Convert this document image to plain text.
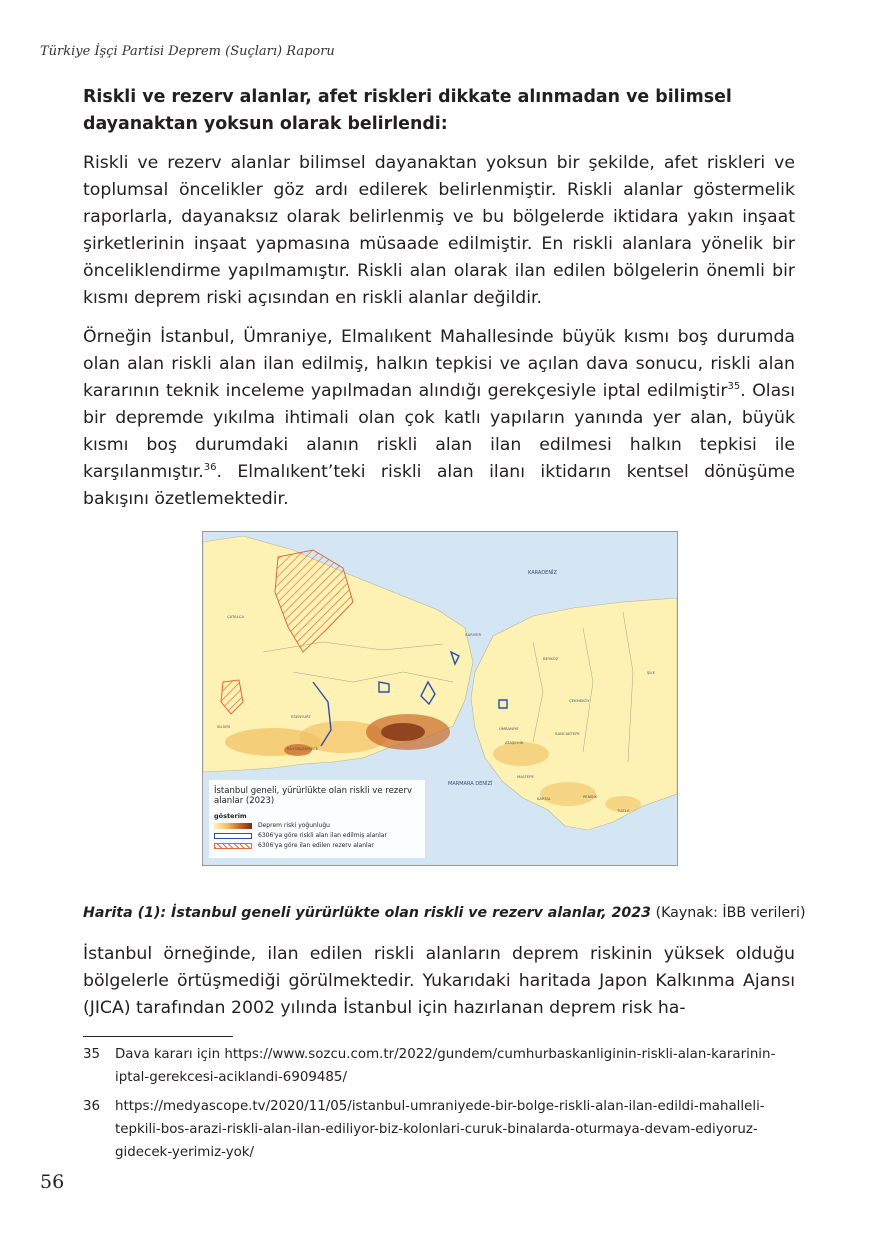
Türkiye İşçi Partisi Deprem (Suçları) Raporu
Riskli ve rezerv alanlar, afet riskleri dikkate alınmadan ve bilimsel dayanaktan yoksun olarak belirlendi:

Riskli ve rezerv alanlar bilimsel dayanaktan yoksun bir şekilde, afet riskleri ve toplumsal öncelikler göz ardı edilerek belirlenmiştir. Riskli alanlar göstermelik raporlarla, dayanaksız olarak belirlenmiş ve bu bölgelerde iktidara yakın inşaat şirketlerinin inşaat yapmasına müsaade edilmiştir. En riskli alanlara yönelik bir önceliklendirme yapılmamıştır. Riskli alan olarak ilan edilen bölgelerin önemli bir kısmı deprem riski açısından en riskli alanlar değildir.

Örneğin İstanbul, Ümraniye, Elmalıkent Mahallesinde büyük kısmı boş durumda olan alan riskli alan ilan edilmiş, halkın tepkisi ve açılan dava sonucu, riskli alan kararının teknik inceleme yapılmadan alındığı gerekçesiyle iptal edilmiştir$^{35}$. Olası bir depremde yıkılma ihtimali olan çok katlı yapıların yanında yer alan, büyük kısmı boş durumdaki alanın riskli alan ilan edilmesi halkın tepkisi ile karşılanmıştır.$^{36}$. Elmalıkent’teki riskli alan ilanı iktidarın kentsel dönüşüme bakışını özetlemektedir.

KARADENİZ
MARMARA DENİZİ
ÇATALCA
SARIYER
BEYKOZ
ŞİLE
ÇEKMEKÖY
ESENYURT
BÜYÜKÇEKMECE
SİLİVRİ	ÜMRANİYE
SANCAKTEPE
MALTEPE
KARTAL	PENDİK
TUZLA
ATAŞEHİR
İstanbul geneli, yürürlükte olan riskli ve rezerv alanlar (2023)
gösterim
Deprem riski yoğunluğu
6306'ya göre riskli alan ilan edilmiş alanlar
6306'ya göre ilan edilen rezerv alanlar
Harita (1): İstanbul geneli yürürlükte olan riskli ve rezerv alanlar, 2023 (Kaynak: İBB verileri)

İstanbul örneğinde, ilan edilen riskli alanların deprem riskinin yüksek olduğu bölgelerle örtüşmediği görülmektedir. Yukarıdaki haritada Japon Kalkınma Ajansı (JICA) tarafından 2002 yılında İstanbul için hazırlanan deprem risk ha-

35 Dava kararı için https://www.sozcu.com.tr/2022/gundem/cumhurbaskanliginin-riskli-alan-kararinin-iptal-gerekcesi-aciklandi-6909485/
36 https://medyascope.tv/2020/11/05/istanbul-umraniyede-bir-bolge-riskli-alan-ilan-edildi-mahalleli-tepkili-bos-arazi-riskli-alan-ilan-ediliyor-biz-kolonlari-curuk-binalarda-oturmaya-devam-ediyoruz-gidecek-yerimiz-yok/
56
